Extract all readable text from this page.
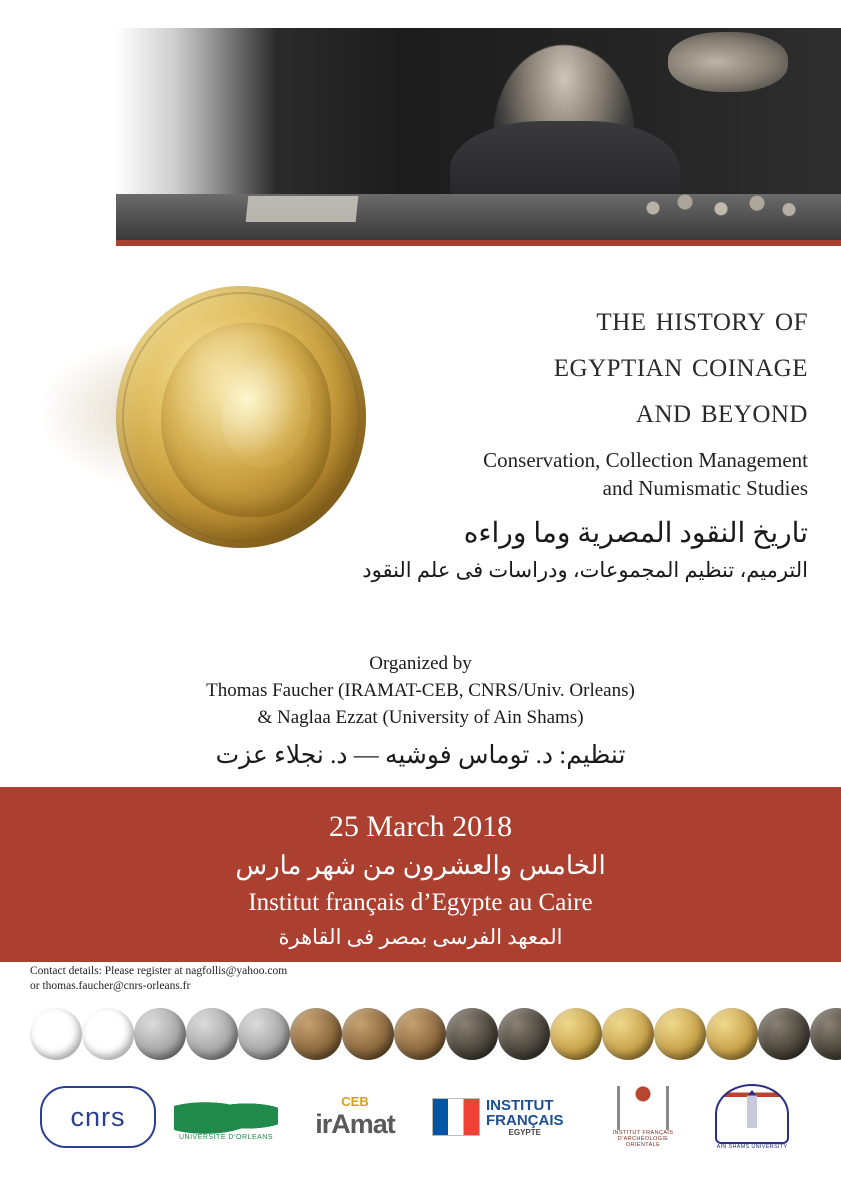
the history of
egyptian coinage
and beyond
Conservation, Collection Management
and Numismatic Studies
تاريخ النقود المصرية وما وراءه
الترميم، تنظيم المجموعات، ودراسات فى علم النقود
Organized by
Thomas Faucher (IRAMAT-CEB, CNRS/Univ. Orleans)
& Naglaa Ezzat (University of Ain Shams)
تنظيم: د. توماس فوشيه — د. نجلاء عزت
25 March 2018
الخامس والعشرون من شهر مارس
Institut français d’Egypte au Caire
المعهد الفرسى بمصر فى القاهرة
Contact details: Please register at nagfollis@yahoo.com
or thomas.faucher@cnrs-orleans.fr
cnrs
UNIVERSITE D’ORLEANS
CEB
irAmat
INSTITUT
FRANÇAIS
EGYPTE	INSTITUT FRANÇAIS D’ARCHÉOLOGIE ORIENTALE	AIN SHAMS UNIVERSITY
